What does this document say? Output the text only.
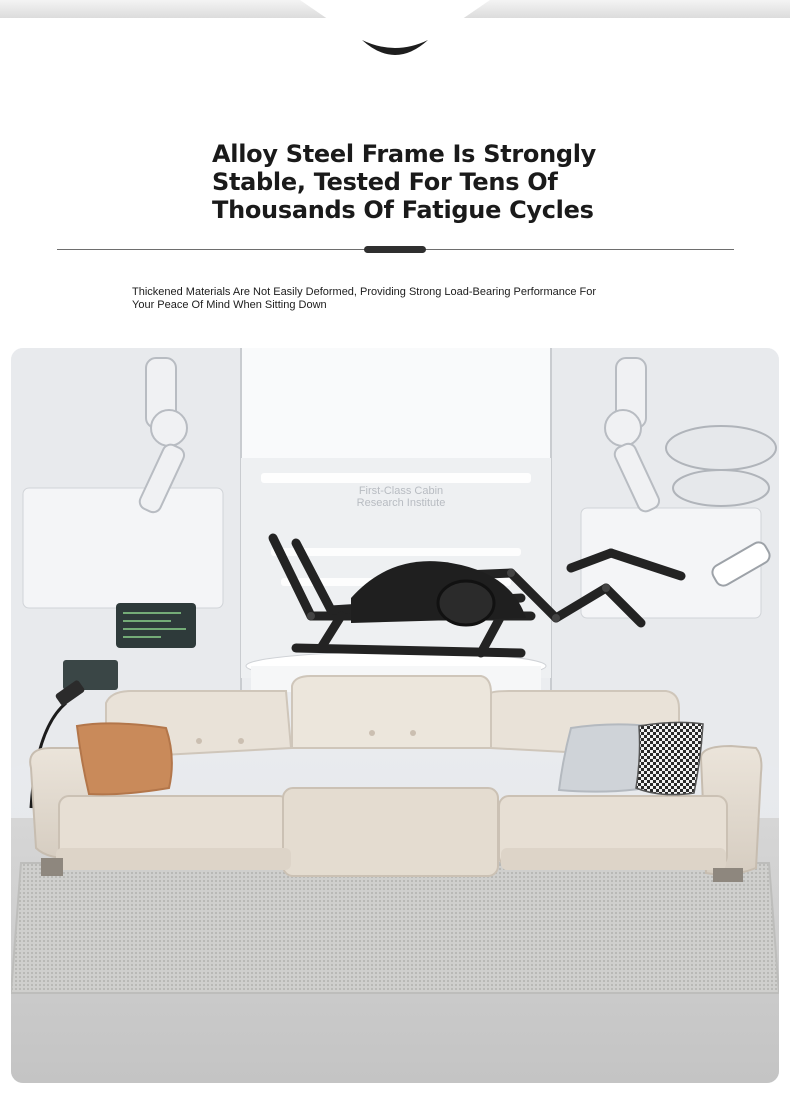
Alloy Steel Frame Is Strongly
Stable, Tested For Tens Of
Thousands Of Fatigue Cycles

Thickened Materials Are Not Easily Deformed, Providing Strong Load-Bearing Performance For
Your Peace Of Mind When Sitting Down

First-Class Cabin
Research Institute
